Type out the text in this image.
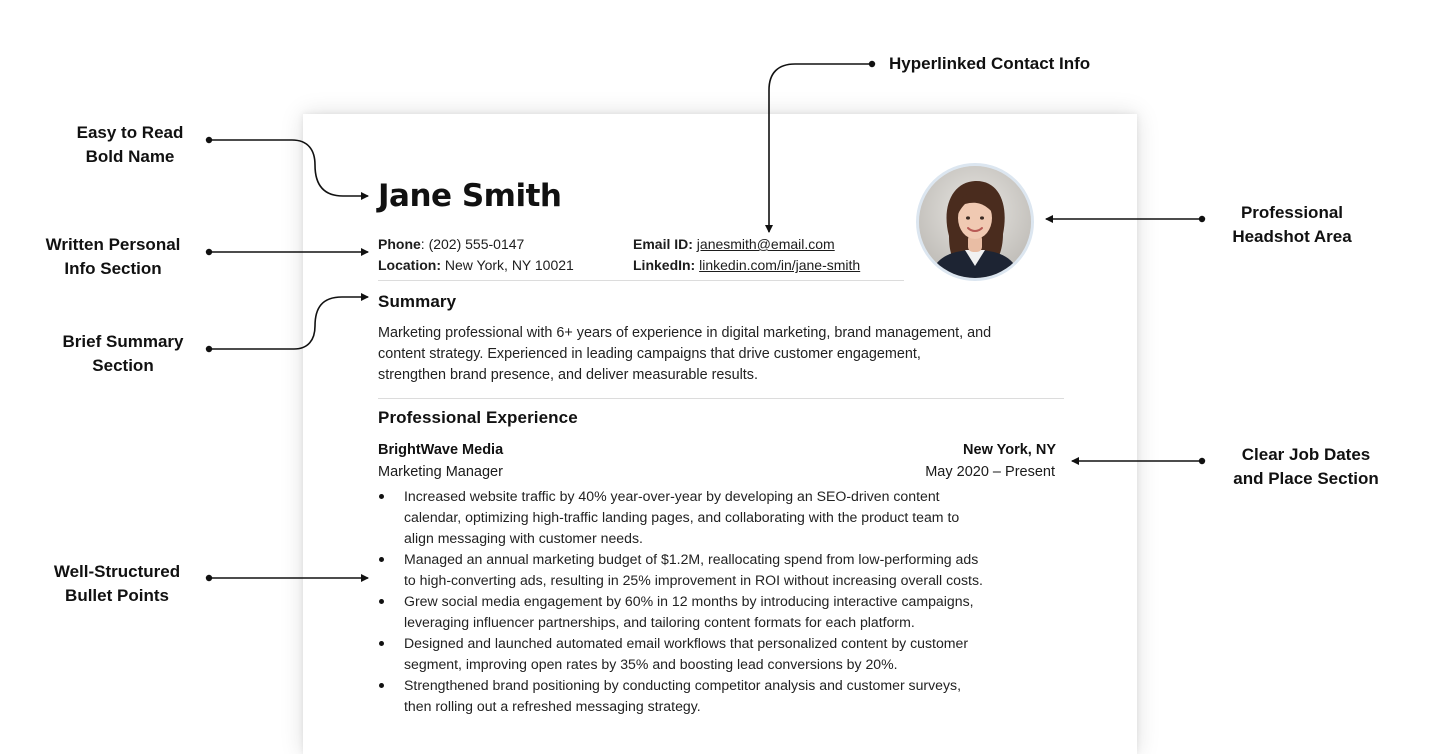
Jane Smith
Phone: (202) 555-0147
Location: New York, NY 10021
Email ID: janesmith@email.com
LinkedIn: linkedin.com/in/jane-smith
Summary

Marketing professional with 6+ years of experience in digital marketing, brand management, and
content strategy. Experienced in leading campaigns that drive customer engagement,
strengthen brand presence, and deliver measurable results.

Professional Experience
BrightWave Media	New York, NY
Marketing Manager	May 2020 – Present
Increased website traffic by 40% year-over-year by developing an SEO-driven content
calendar, optimizing high-traffic landing pages, and collaborating with the product team to
align messaging with customer needs.
Managed an annual marketing budget of $1.2M, reallocating spend from low-performing ads
to high-converting ads, resulting in 25% improvement in ROI without increasing overall costs.
Grew social media engagement by 60% in 12 months by introducing interactive campaigns,
leveraging influencer partnerships, and tailoring content formats for each platform.
Designed and launched automated email workflows that personalized content by customer
segment, improving open rates by 35% and boosting lead conversions by 20%.
Strengthened brand positioning by conducting competitor analysis and customer surveys,
then rolling out a refreshed messaging strategy.

Easy to Read
Bold Name

Written Personal
Info Section

Brief Summary
Section

Well-Structured
Bullet Points

Hyperlinked Contact Info

Professional
Headshot Area

Clear Job Dates
and Place Section
